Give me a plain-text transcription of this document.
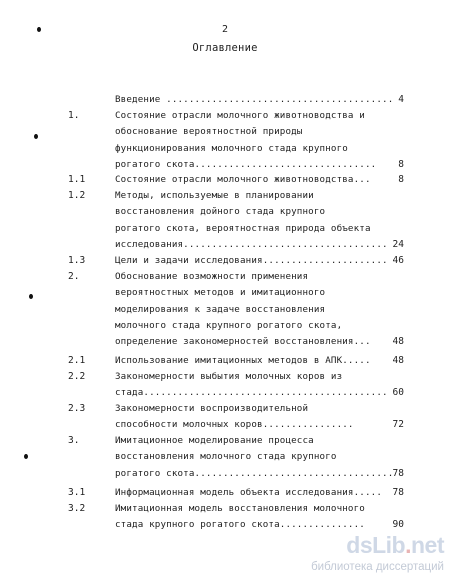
2
Оглавление
Введение ........................................ 4
1.	Состояние отрасли молочного животноводства и
обоснование вероятностной природы
функционирования молочного стада крупного
рогатого скота................................	8
1.1	Состояние отрасли молочного животноводства...	8
1.2	Методы, используемые в планировании
восстановления дойного стада крупного
рогатого скота, вероятностная природа объекта
исследования.................................... 24
1.3	Цели и задачи исследования...................... 46
2.	Обоснование возможности применения
вероятностных методов и имитационного
моделирования к задаче восстановления
молочного стада крупного рогатого скота,
определение закономерностей восстановления...	48
2.1	Использование имитационных методов в АПК.....	48
2.2	Закономерности выбытия молочных коров из
стада........................................... 60
2.3	Закономерности воспроизводительной
способности молочных коров................	72
3.	Имитационное моделирование процесса
восстановления молочного стада крупного
рогатого скота................................... 78
3.1	Информационная модель объекта исследования.....	78
3.2	Имитационная модель восстановления молочного
стада крупного рогатого скота...............	90
dsLib.net
библиотека диссертаций
